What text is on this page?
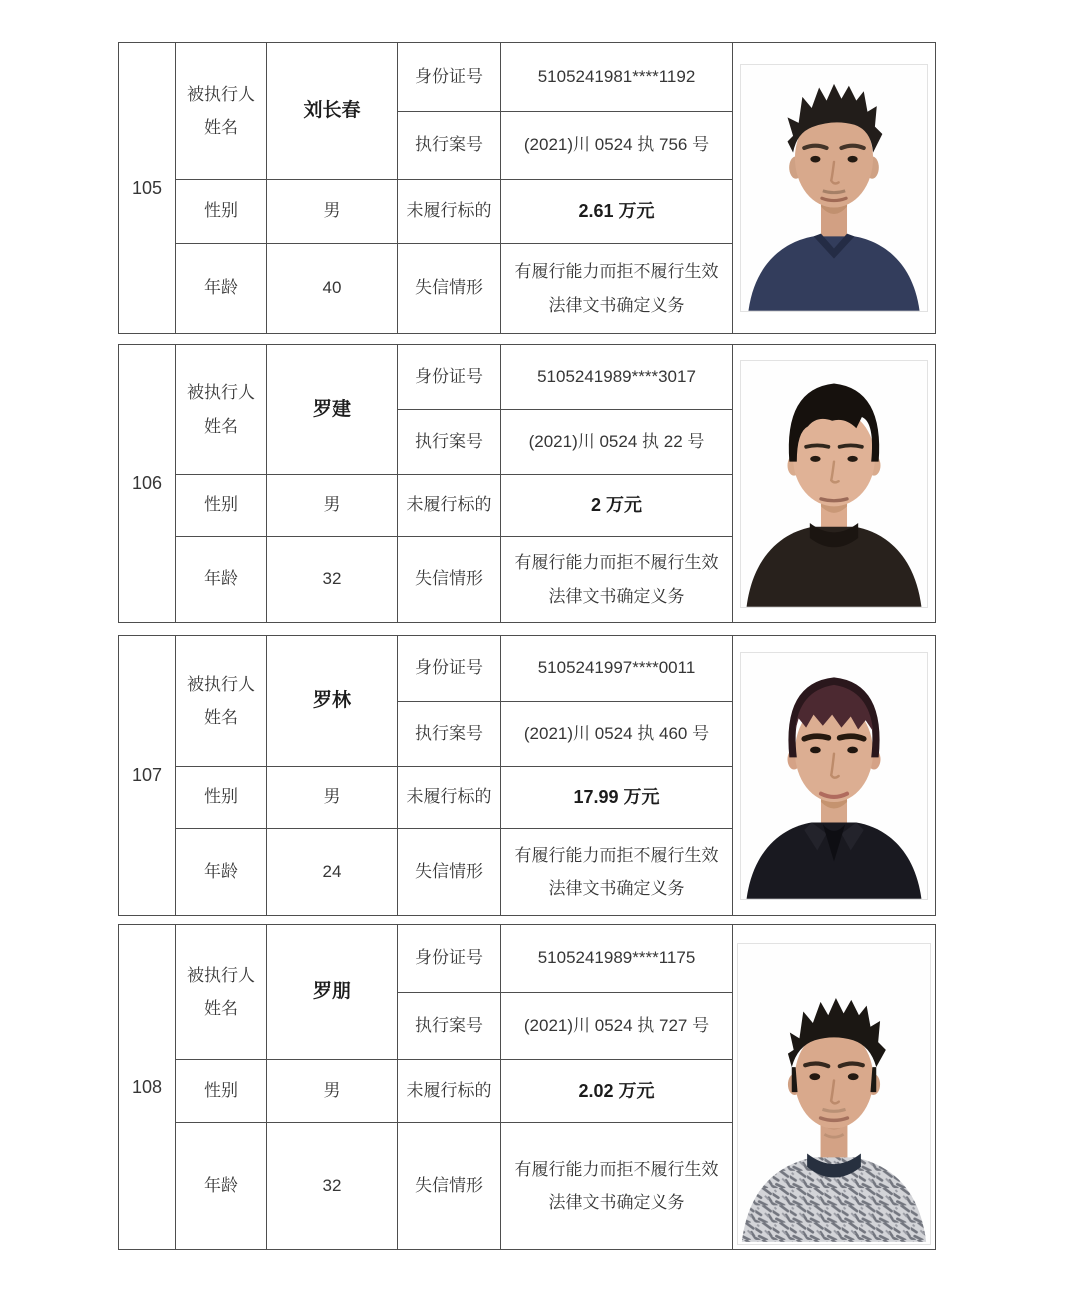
105
被执行人
姓名
刘长春
身份证号	5105241981****1192
执行案号	(2021)川 0524 执 756 号
性别	男	未履行标的	2.61 万元
年龄	40	失信情形
有履行能力而拒不履行生效法律文书确定义务
106
被执行人
姓名
罗建
身份证号	5105241989****3017
执行案号	(2021)川 0524 执 22 号
性别	男	未履行标的	2 万元
年龄	32	失信情形
有履行能力而拒不履行生效法律文书确定义务
107
被执行人
姓名
罗林
身份证号	5105241997****0011
执行案号	(2021)川 0524 执 460 号
性别	男	未履行标的	17.99 万元
年龄	24	失信情形
有履行能力而拒不履行生效法律文书确定义务
108
被执行人
姓名
罗朋
身份证号	5105241989****1175
执行案号	(2021)川 0524 执 727 号
性别	男	未履行标的	2.02 万元
年龄	32	失信情形
有履行能力而拒不履行生效法律文书确定义务
